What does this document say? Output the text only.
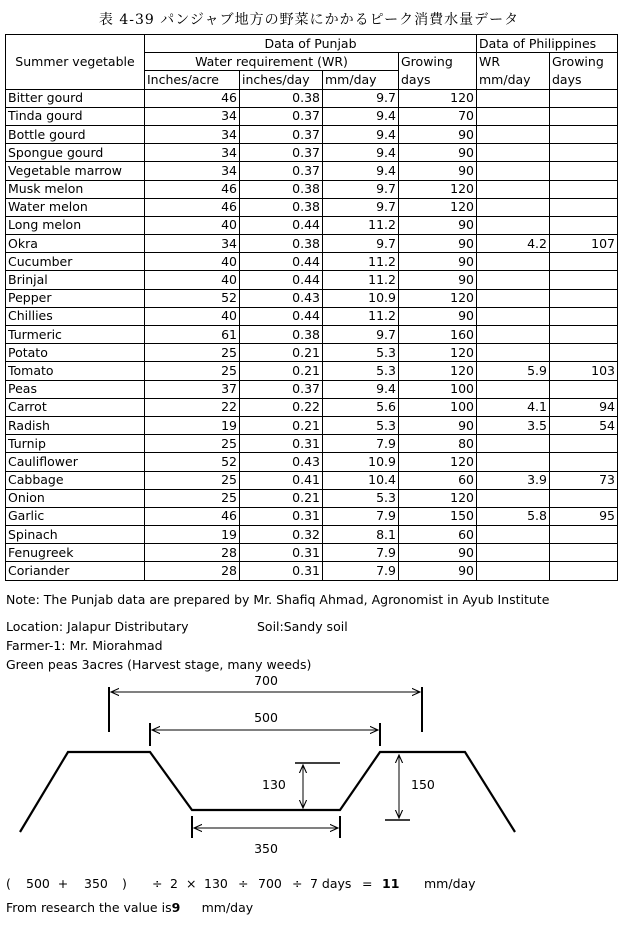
表 4-39 パンジャブ地方の野菜にかかるピーク消費水量データ
Summer vegetable	Data of Punjab				Data of Philippines	
	Water requirement (WR)			Growing	WR	Growing
	Inches/acre	inches/day	mm/day	days	mm/day	days
Bitter gourd	46	0.38	9.7	120		
Tinda gourd	34	0.37	9.4	70		
Bottle gourd	34	0.37	9.4	90		
Spongue gourd	34	0.37	9.4	90		
Vegetable marrow	34	0.37	9.4	90		
Musk melon	46	0.38	9.7	120		
Water melon	46	0.38	9.7	120		
Long melon	40	0.44	11.2	90		
Okra	34	0.38	9.7	90	4.2	107
Cucumber	40	0.44	11.2	90		
Brinjal	40	0.44	11.2	90		
Pepper	52	0.43	10.9	120		
Chillies	40	0.44	11.2	90		
Turmeric	61	0.38	9.7	160		
Potato	25	0.21	5.3	120		
Tomato	25	0.21	5.3	120	5.9	103
Peas	37	0.37	9.4	100		
Carrot	22	0.22	5.6	100	4.1	94
Radish	19	0.21	5.3	90	3.5	54
Turnip	25	0.31	7.9	80		
Cauliflower	52	0.43	10.9	120		
Cabbage	25	0.41	10.4	60	3.9	73
Onion	25	0.21	5.3	120		
Garlic	46	0.31	7.9	150	5.8	95
Spinach	19	0.32	8.1	60		
Fenugreek	28	0.31	7.9	90		
Coriander	28	0.31	7.9	90		
Note: The Punjab data are prepared by Mr. Shafiq Ahmad, Agronomist in Ayub Institute
Location: Jalapur Distributary	Soil:Sandy soil
Farmer-1: Mr. Miorahmad
Green peas 3acres (Harvest stage, many weeds)
700
500
130	150
350
( 500 + 350 ) ÷ 2 × 130 ÷ 700 ÷ 7 days = 11 mm/day
From research the value is9 mm/day
